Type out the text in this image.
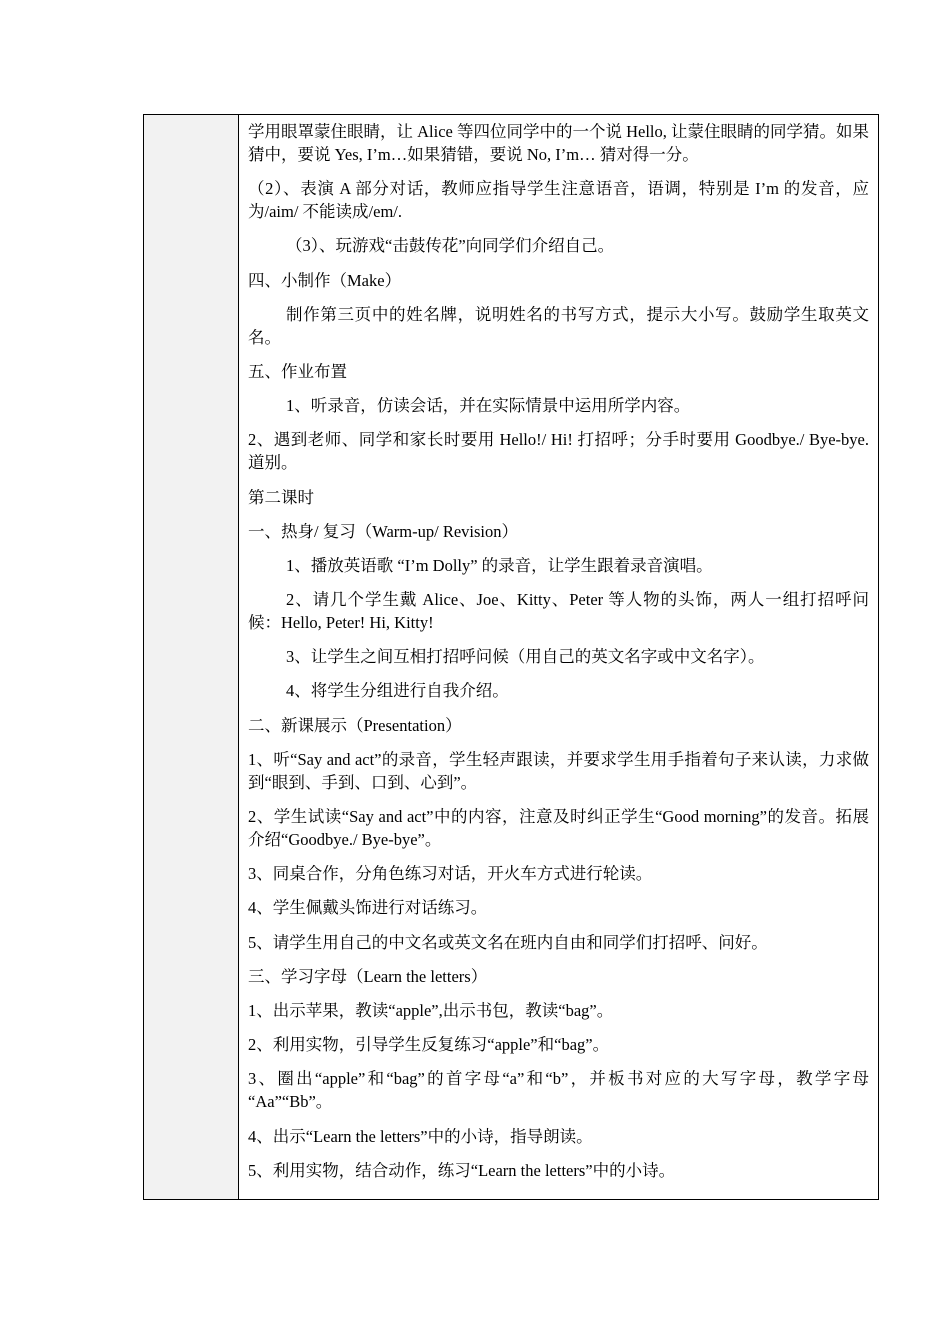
学用眼罩蒙住眼睛，让 Alice 等四位同学中的一个说 Hello, 让蒙住眼睛的同学猜。如果猜中，要说 Yes, I’m…如果猜错，要说 No, I’m… 猜对得一分。

（2）、表演 A 部分对话，教师应指导学生注意语音，语调，特别是 I’m 的发音，应为/aim/ 不能读成/em/.

（3）、玩游戏“击鼓传花”向同学们介绍自己。

四、小制作（Make）

制作第三页中的姓名牌，说明姓名的书写方式，提示大小写。鼓励学生取英文名。

五、作业布置

1、听录音，仿读会话，并在实际情景中运用所学内容。

2、遇到老师、同学和家长时要用 Hello!/ Hi! 打招呼；分手时要用 Goodbye./ Bye-bye.道别。

第二课时

一、热身/ 复习（Warm-up/ Revision）

1、播放英语歌 “I’m Dolly” 的录音，让学生跟着录音演唱。

2、请几个学生戴 Alice、Joe、Kitty、Peter 等人物的头饰，两人一组打招呼问候：Hello, Peter! Hi, Kitty!

3、让学生之间互相打招呼问候（用自己的英文名字或中文名字）。

4、将学生分组进行自我介绍。

二、新课展示（Presentation）

1、听“Say and act”的录音，学生轻声跟读，并要求学生用手指着句子来认读，力求做到“眼到、手到、口到、心到”。

2、学生试读“Say and act”中的内容，注意及时纠正学生“Good morning”的发音。拓展介绍“Goodbye./ Bye-bye”。

3、同桌合作，分角色练习对话，开火车方式进行轮读。

4、学生佩戴头饰进行对话练习。

5、请学生用自己的中文名或英文名在班内自由和同学们打招呼、问好。

三、学习字母（Learn the letters）

1、出示苹果，教读“apple”,出示书包，教读“bag”。

2、利用实物，引导学生反复练习“apple”和“bag”。

3、圈出“apple”和“bag”的首字母“a”和“b”，并板书对应的大写字母，教学字母 “Aa”“Bb”。

4、出示“Learn the letters”中的小诗，指导朗读。

5、利用实物，结合动作，练习“Learn the letters”中的小诗。
